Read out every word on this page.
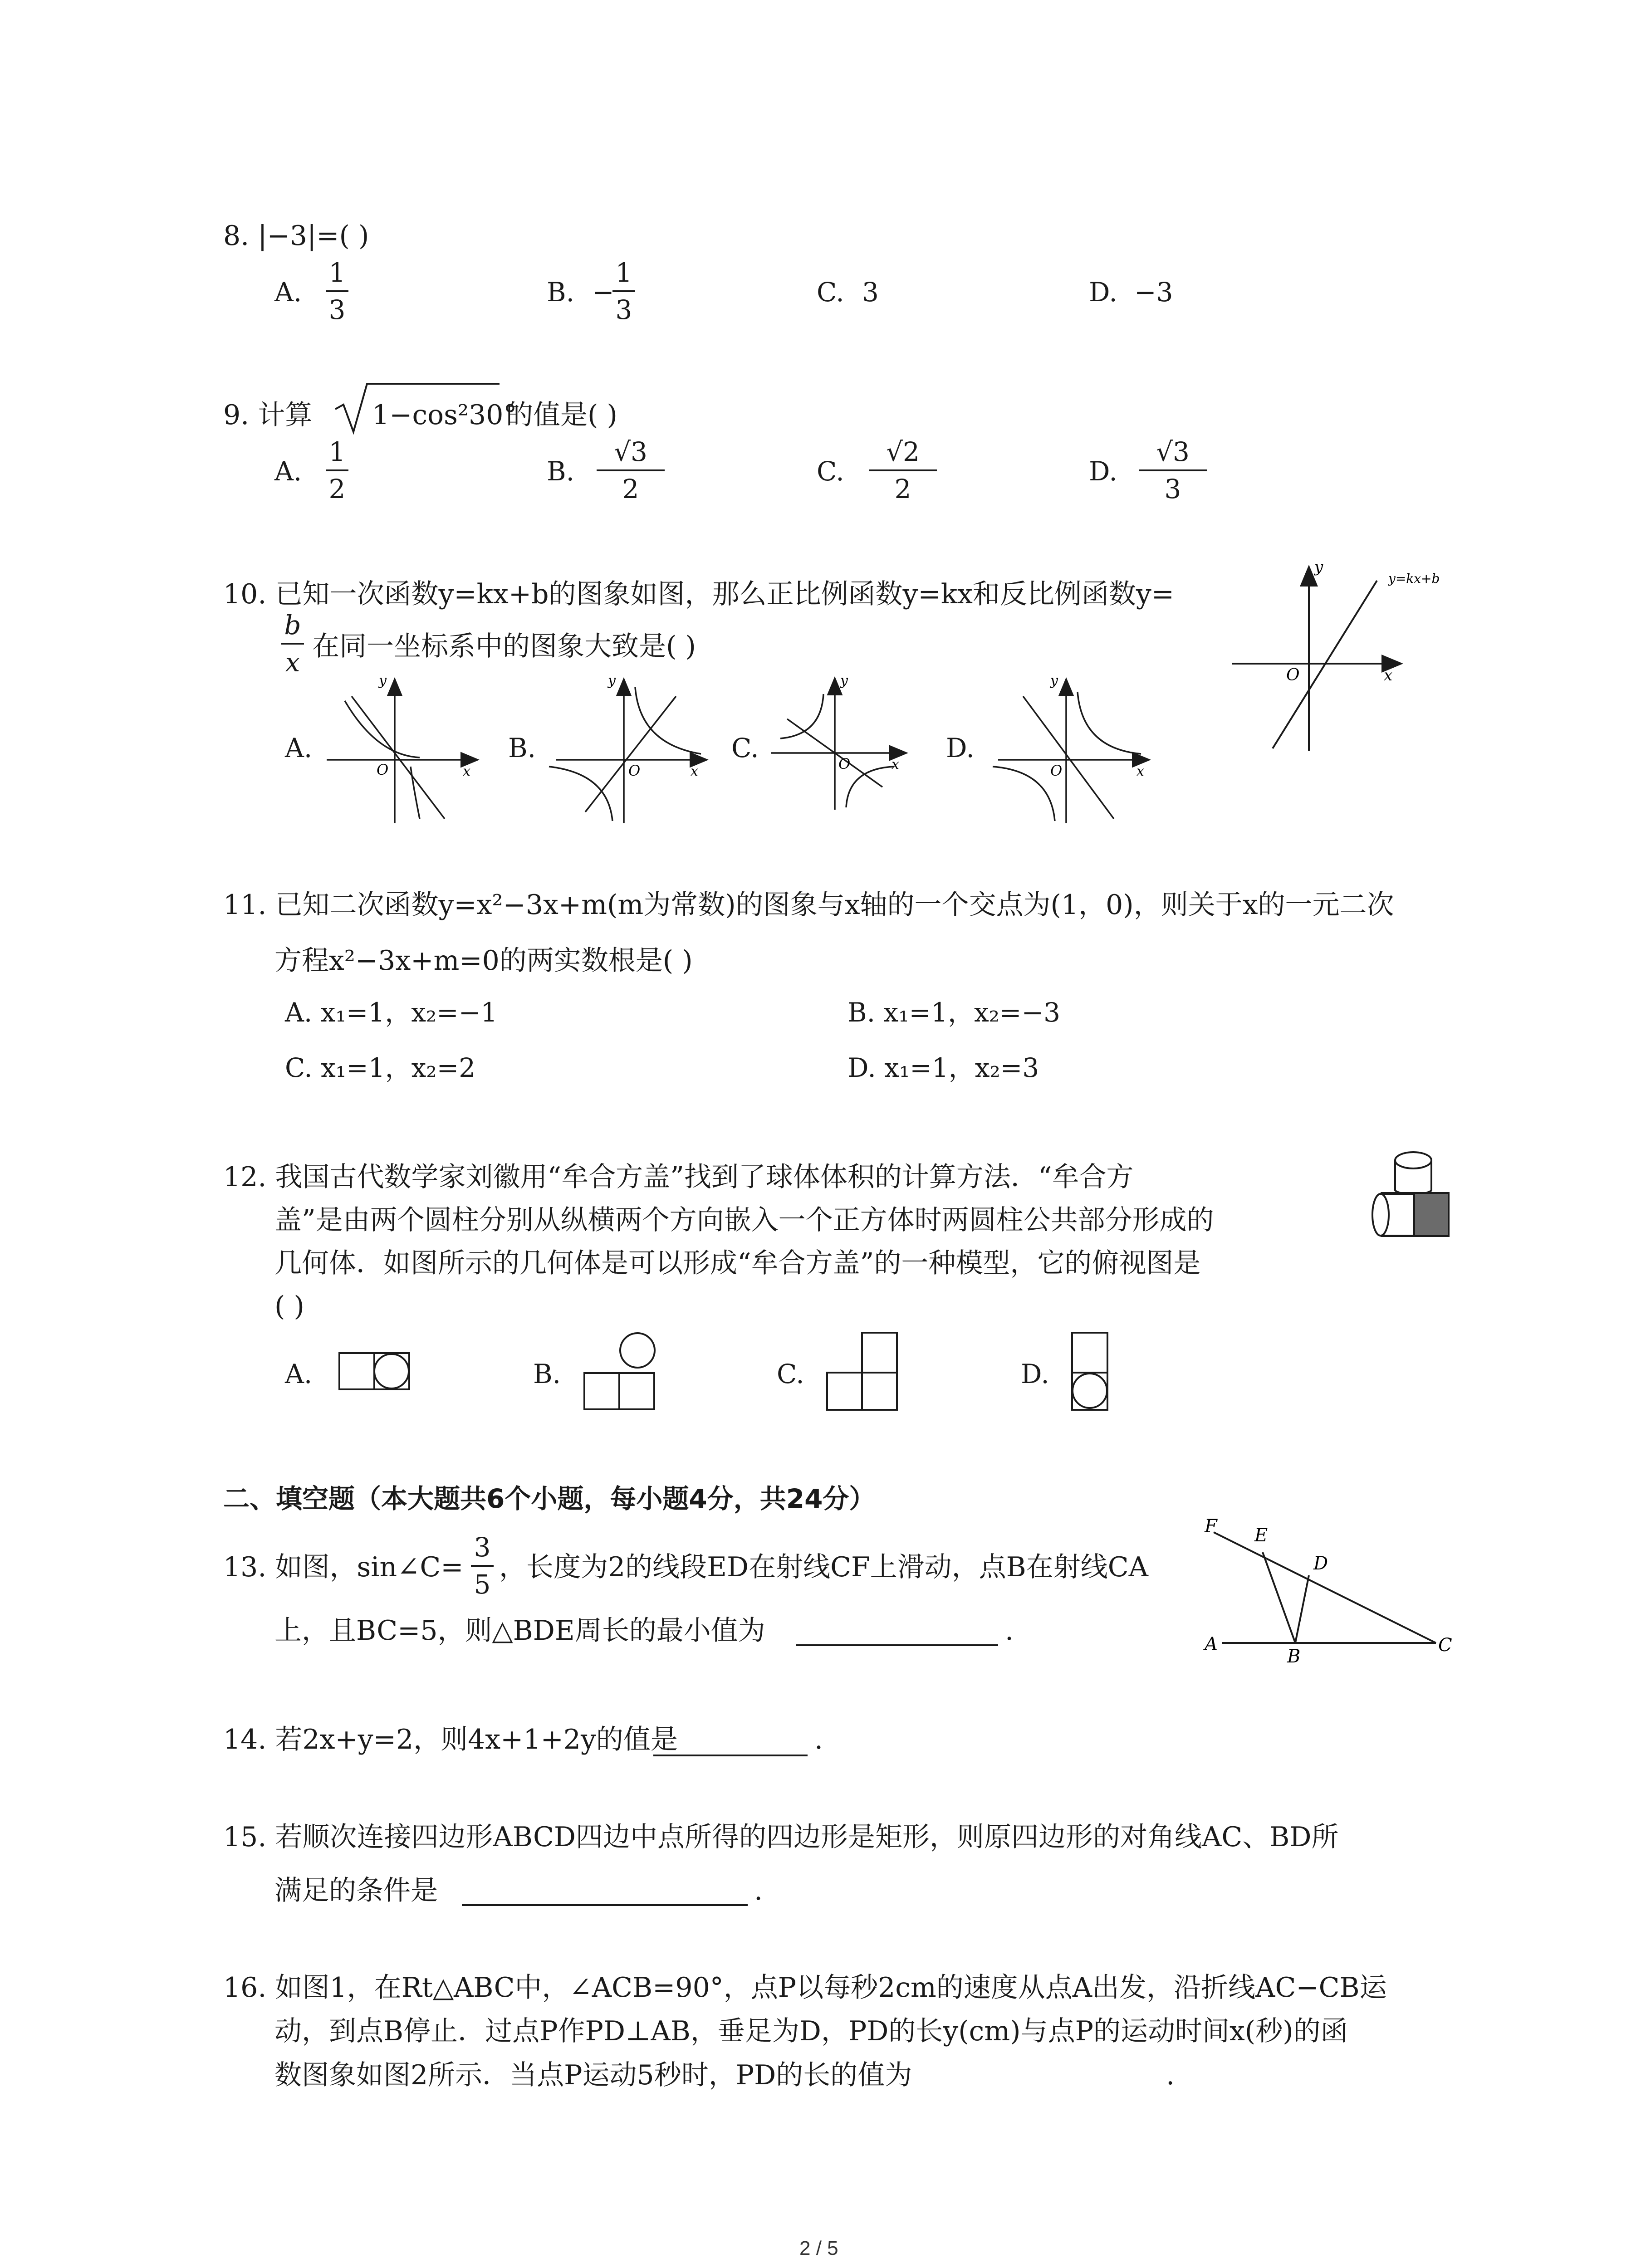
8. |−3|=( )
A.
1
3
B. −
1
3
C. 3	D. −3
9. 计算 1−cos²30°
的值是( )
A.
1
2
B.
√3
2
C.
√2
2
D.
√3
3
10. 已知一次函数y=kx+b的图象如图，那么正比例函数y=kx和反比例函数y=
b
x 在同一坐标系中的图象大致是( )
x
y
O
y=kx+b
A.
x
y
O
B.
x
y
O
C.
x
y
O
D.
x
y
O
11. 已知二次函数y=x²−3x+m(m为常数)的图象与x轴的一个交点为(1，0)，则关于x的一元二次
方程x²−3x+m=0的两实数根是( )
A. x₁=1，x₂=−1	B. x₁=1，x₂=−3
C. x₁=1，x₂=2	D. x₁=1，x₂=3
12. 我国古代数学家刘徽用“牟合方盖”找到了球体体积的计算方法．“牟合方
盖”是由两个圆柱分别从纵横两个方向嵌入一个正方体时两圆柱公共部分形成的
几何体．如图所示的几何体是可以形成“牟合方盖”的一种模型，它的俯视图是
( )
A.	B.	C.	D.
二、填空题（本大题共6个小题，每小题4分，共24分）
13. 如图，sin∠C=
3
5
，长度为2的线段ED在射线CF上滑动，点B在射线CA
上，且BC=5，则△BDE周长的最小值为	.
F E
D
A
B
C
14. 若2x+y=2，则4x+1+2y的值是	.
15. 若顺次连接四边形ABCD四边中点所得的四边形是矩形，则原四边形的对角线AC、BD所
满足的条件是	.
16. 如图1，在Rt△ABC中，∠ACB=90°，点P以每秒2cm的速度从点A出发，沿折线AC−CB运
动，到点B停止．过点P作PD⊥AB，垂足为D，PD的长y(cm)与点P的运动时间x(秒)的函
数图象如图2所示．当点P运动5秒时，PD的长的值为	.
2 / 5
